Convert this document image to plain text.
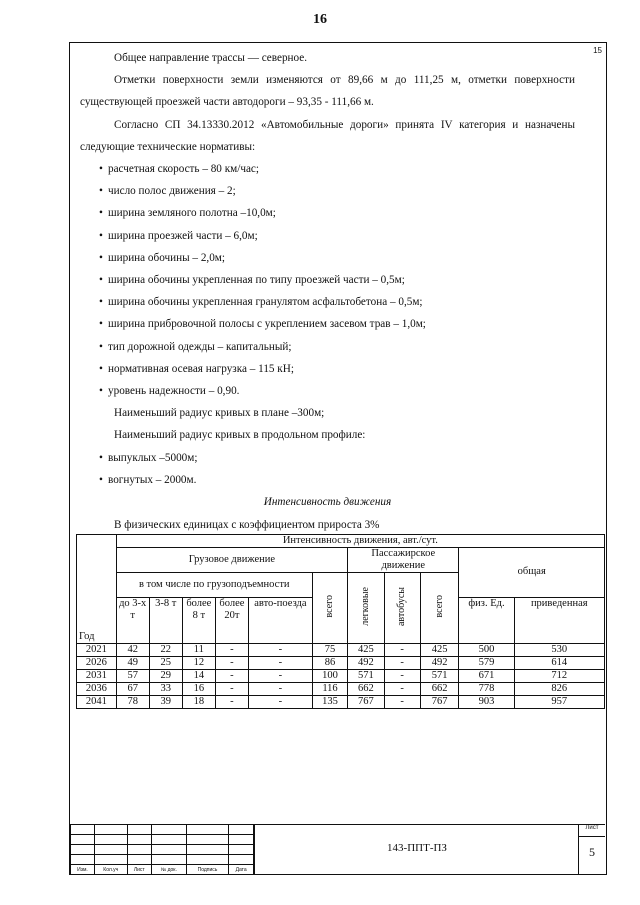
16
15

Общее направление трассы — северное.

Отметки поверхности земли изменяются от 89,66 м до 111,25 м, отметки поверхности существующей проезжей части автодороги – 93,35 - 111,66 м.

Согласно СП 34.13330.2012 «Автомобильные дороги» принята IV категория и назначены следующие технические нормативы:

• расчетная скорость – 80 км/час;
• число полос движения – 2;
• ширина земляного полотна –10,0м;
• ширина проезжей части – 6,0м;
• ширина обочины – 2,0м;
• ширина обочины укрепленная по типу проезжей части – 0,5м;
• ширина обочины укрепленная гранулятом асфальтобетона – 0,5м;
• ширина прибровочной полосы с укреплением засевом трав – 1,0м;
• тип дорожной одежды – капитальный;
• нормативная осевая нагрузка – 115 кН;
• уровень надежности – 0,90.

Наименьший радиус кривых в плане –300м;

Наименьший радиус кривых в продольном профиле:

• выпуклых –5000м;
• вогнутых – 2000м.

Интенсивность движения

В физических единицах с коэффициентом прироста 3%

Год	Интенсивность движения, авт./сут.										
	Грузовое движение						Пассажирское движение			общая	
	в том числе по грузоподъемности					всего	легковые	автобусы	всего		
	до 3-х т	3-8 т	более 8 т	более 20т	авто-поезда					физ. Ед.	приведенная
2021	42	22	11	-	-	75	425	-	425	500	530
2026	49	25	12	-	-	86	492	-	492	579	614
2031	57	29	14	-	-	100	571	-	571	671	712
2036	67	33	16	-	-	116	662	-	662	778	826
2041	78	39	18	-	-	135	767	-	767	903	957

Изм.	Кол.уч	Лист	№ док.	Подпись	Дата
143-ППТ-ПЗ
Лист
5
